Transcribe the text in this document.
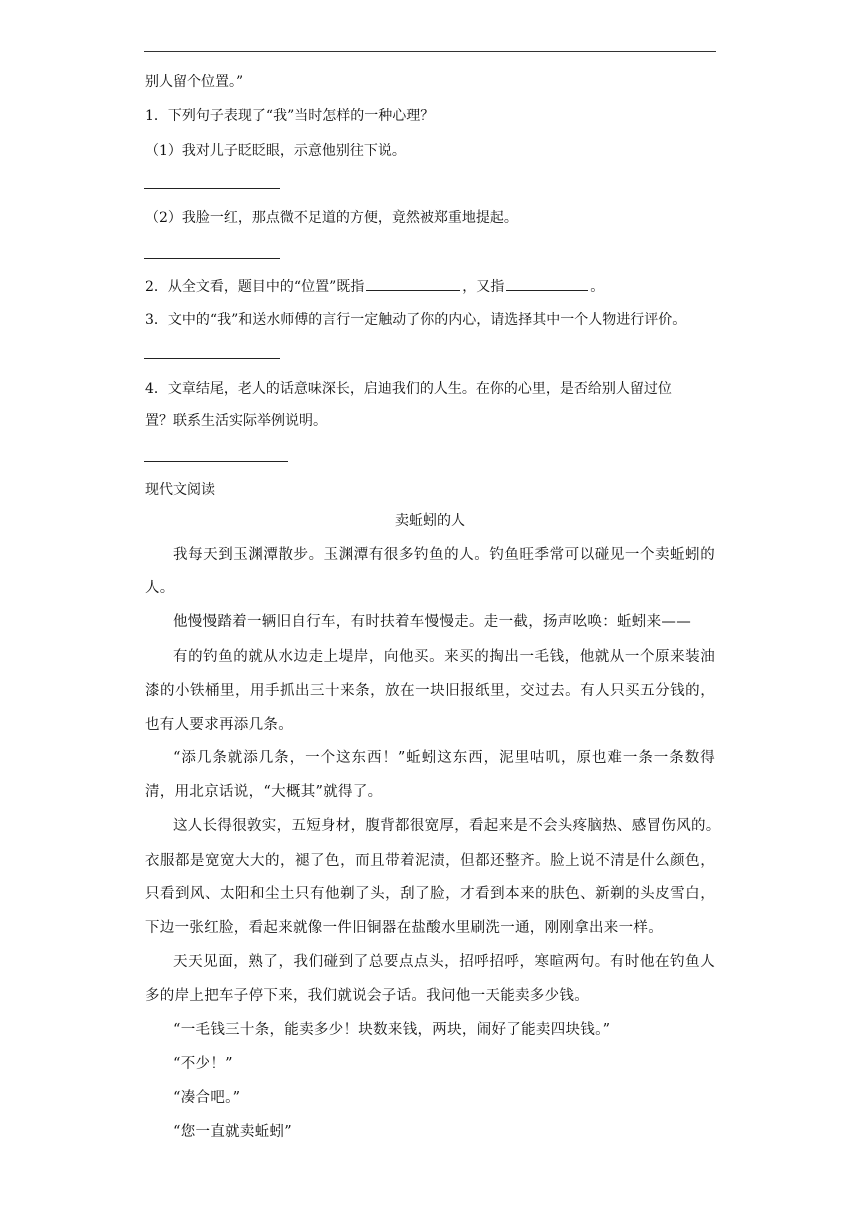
别人留个位置。”
1．下列句子表现了“我”当时怎样的一种心理？
（1）我对儿子眨眨眼，示意他别往下说。
（2）我脸一红，那点微不足道的方便，竟然被郑重地提起。
2．从全文看，题目中的“位置”既指	，又指	。
3．文中的“我”和送水师傅的言行一定触动了你的内心，请选择其中一个人物进行评价。
4．文章结尾，老人的话意味深长，启迪我们的人生。在你的心里，是否给别人留过位
置？联系生活实际举例说明。
现代文阅读
卖蚯蚓的人
我每天到玉渊潭散步。玉渊潭有很多钓鱼的人。钓鱼旺季常可以碰见一个卖蚯蚓的
人。
他慢慢踏着一辆旧自行车，有时扶着车慢慢走。走一截，扬声吆唤：蚯蚓来——
有的钓鱼的就从水边走上堤岸，向他买。来买的掏出一毛钱，他就从一个原来装油
漆的小铁桶里，用手抓出三十来条，放在一块旧报纸里，交过去。有人只买五分钱的，
也有人要求再添几条。
“添几条就添几条，一个这东西！”蚯蚓这东西，泥里咕叽，原也难一条一条数得
清，用北京话说，“大概其”就得了。
这人长得很敦实，五短身材，腹背都很宽厚，看起来是不会头疼脑热、感冒伤风的。
衣服都是宽宽大大的，褪了色，而且带着泥渍，但都还整齐。脸上说不清是什么颜色，
只看到风、太阳和尘土只有他剃了头，刮了脸，才看到本来的肤色、新剃的头皮雪白，
下边一张红脸，看起来就像一件旧铜器在盐酸水里刷洗一通，刚刚拿出来一样。
天天见面，熟了，我们碰到了总要点点头，招呼招呼，寒暄两句。有时他在钓鱼人
多的岸上把车子停下来，我们就说会子话。我问他一天能卖多少钱。
“一毛钱三十条，能卖多少！块数来钱，两块，闹好了能卖四块钱。”
“不少！”
“凑合吧。”
“您一直就卖蚯蚓”
